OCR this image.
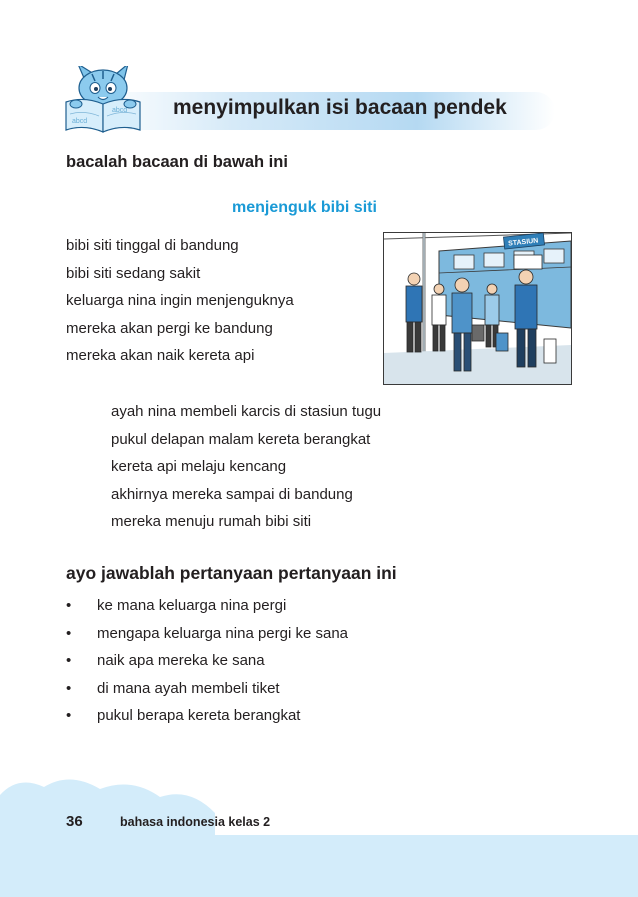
abcd
abcd menyimpulkan isi bacaan pendek
bacalah bacaan di bawah ini
menjenguk bibi siti
bibi siti tinggal di bandung
bibi siti sedang sakit
keluarga nina ingin menjenguknya
mereka akan pergi ke bandung
mereka akan naik kereta api
STASIUN
ayah nina membeli karcis di stasiun tugu
pukul delapan malam kereta berangkat
kereta api melaju kencang
akhirnya mereka sampai di bandung
mereka menuju rumah bibi siti
ayo jawablah pertanyaan pertanyaan ini
•	ke mana keluarga nina pergi
•	mengapa keluarga nina pergi ke sana
•	naik apa mereka ke sana
•	di mana ayah membeli tiket
•	pukul berapa kereta berangkat
36	bahasa indonesia kelas 2
